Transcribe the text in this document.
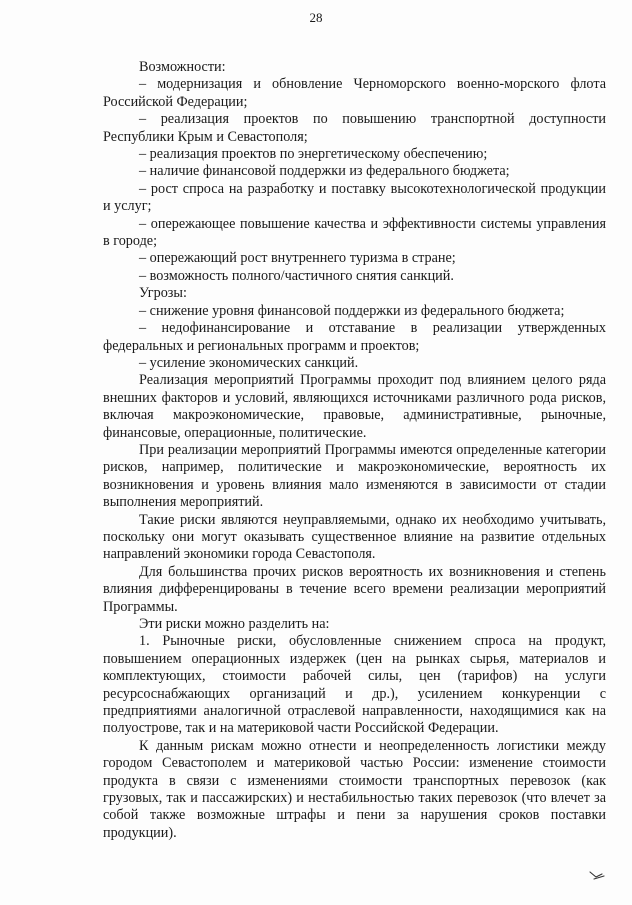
28

Возможности:

– модернизация и обновление Черноморского военно-морского флота Российской Федерации;

– реализация проектов по повышению транспортной доступности Республики Крым и Севастополя;

– реализация проектов по энергетическому обеспечению;

– наличие финансовой поддержки из федерального бюджета;

– рост спроса на разработку и поставку высокотехнологической продукции и услуг;

– опережающее повышение качества и эффективности системы управления в городе;

– опережающий рост внутреннего туризма в стране;

– возможность полного/частичного снятия санкций.

Угрозы:

– снижение уровня финансовой поддержки из федерального бюджета;

– недофинансирование и отставание в реализации утвержденных федеральных и региональных программ и проектов;

– усиление экономических санкций.

Реализация мероприятий Программы проходит под влиянием целого ряда внешних факторов и условий, являющихся источниками различного рода рисков, включая макроэкономические, правовые, административные, рыночные, финансовые, операционные, политические.

При реализации мероприятий Программы имеются определенные категории рисков, например, политические и макроэкономические, вероятность их возникновения и уровень влияния мало изменяются в зависимости от стадии выполнения мероприятий.

Такие риски являются неуправляемыми, однако их необходимо учитывать, поскольку они могут оказывать существенное влияние на развитие отдельных направлений экономики города Севастополя.

Для большинства прочих рисков вероятность их возникновения и степень влияния дифференцированы в течение всего времени реализации мероприятий Программы.

Эти риски можно разделить на:

1. Рыночные риски, обусловленные снижением спроса на продукт, повышением операционных издержек (цен на рынках сырья, материалов и комплектующих, стоимости рабочей силы, цен (тарифов) на услуги ресурсоснабжающих организаций и др.), усилением конкуренции с предприятиями аналогичной отраслевой направленности, находящимися как на полуострове, так и на материковой части Российской Федерации.

К данным рискам можно отнести и неопределенность логистики между городом Севастополем и материковой частью России: изменение стоимости продукта в связи с изменениями стоимости транспортных перевозок (как грузовых, так и пассажирских) и нестабильностью таких перевозок (что влечет за собой также возможные штрафы и пени за нарушения сроков поставки продукции).
